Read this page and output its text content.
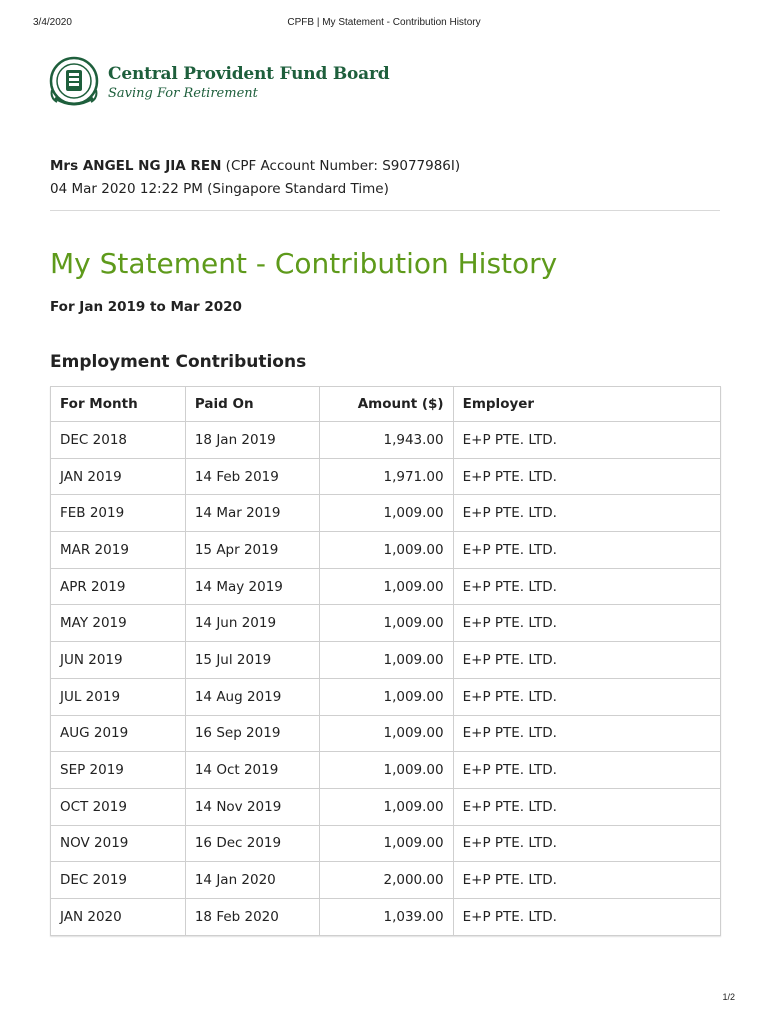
3/4/2020	CPFB | My Statement - Contribution History
Central Provident Fund Board
Saving For Retirement
Mrs ANGEL NG JIA REN (CPF Account Number: S9077986I)
04 Mar 2020 12:22 PM (Singapore Standard Time)
My Statement - Contribution History
For Jan 2019 to Mar 2020
Employment Contributions
For Month	Paid On	Amount ($)	Employer
DEC 2018	18 Jan 2019	1,943.00	E+P PTE. LTD.
JAN 2019	14 Feb 2019	1,971.00	E+P PTE. LTD.
FEB 2019	14 Mar 2019	1,009.00	E+P PTE. LTD.
MAR 2019	15 Apr 2019	1,009.00	E+P PTE. LTD.
APR 2019	14 May 2019	1,009.00	E+P PTE. LTD.
MAY 2019	14 Jun 2019	1,009.00	E+P PTE. LTD.
JUN 2019	15 Jul 2019	1,009.00	E+P PTE. LTD.
JUL 2019	14 Aug 2019	1,009.00	E+P PTE. LTD.
AUG 2019	16 Sep 2019	1,009.00	E+P PTE. LTD.
SEP 2019	14 Oct 2019	1,009.00	E+P PTE. LTD.
OCT 2019	14 Nov 2019	1,009.00	E+P PTE. LTD.
NOV 2019	16 Dec 2019	1,009.00	E+P PTE. LTD.
DEC 2019	14 Jan 2020	2,000.00	E+P PTE. LTD.
JAN 2020	18 Feb 2020	1,039.00	E+P PTE. LTD.
1/2
